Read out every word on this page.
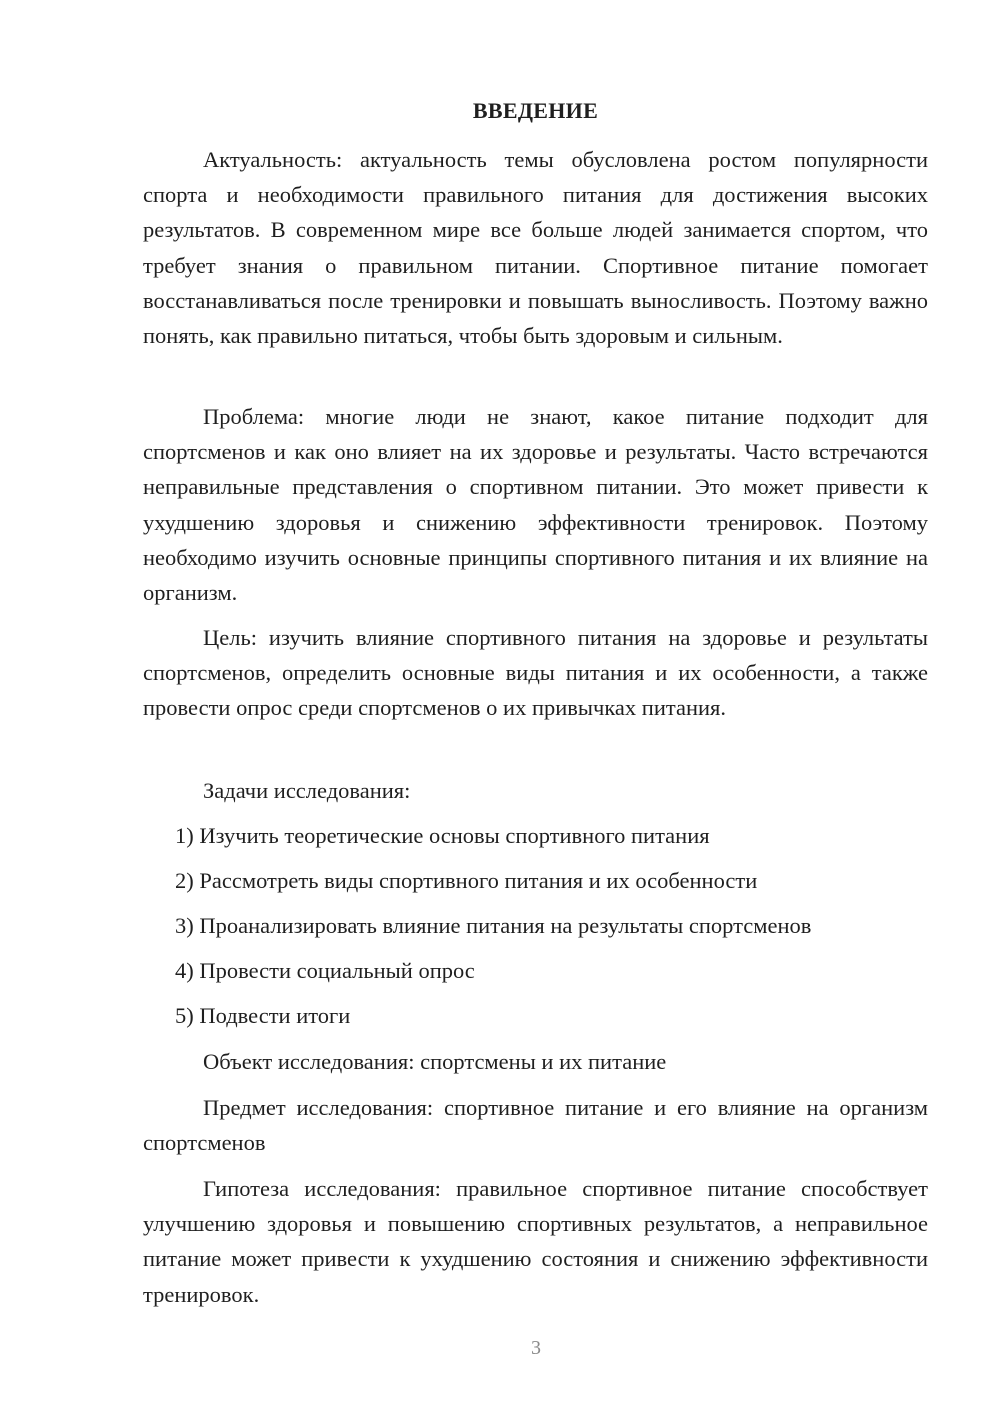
ВВЕДЕНИЕ

Актуальность: актуальность темы обусловлена ростом популярности спорта и необходимости правильного питания для достижения высоких результатов. В современном мире все больше людей занимается спортом, что требует знания о правильном питании. Спортивное питание помогает восстанавливаться после тренировки и повышать выносливость. Поэтому важно понять, как правильно питаться, чтобы быть здоровым и сильным.

Проблема: многие люди не знают, какое питание подходит для спортсменов и как оно влияет на их здоровье и результаты. Часто встречаются неправильные представления о спортивном питании. Это может привести к ухудшению здоровья и снижению эффективности тренировок. Поэтому необходимо изучить основные принципы спортивного питания и их влияние на организм.

Цель: изучить влияние спортивного питания на здоровье и результаты спортсменов, определить основные виды питания и их особенности, а также провести опрос среди спортсменов о их привычках питания.

Задачи исследования:

1) Изучить теоретические основы спортивного питания

2) Рассмотреть виды спортивного питания и их особенности

3) Проанализировать влияние питания на результаты спортсменов

4) Провести социальный опрос

5) Подвести итоги

Объект исследования: спортсмены и их питание

Предмет исследования: спортивное питание и его влияние на организм спортсменов

Гипотеза исследования: правильное спортивное питание способствует улучшению здоровья и повышению спортивных результатов, а неправильное питание может привести к ухудшению состояния и снижению эффективности тренировок.

3
